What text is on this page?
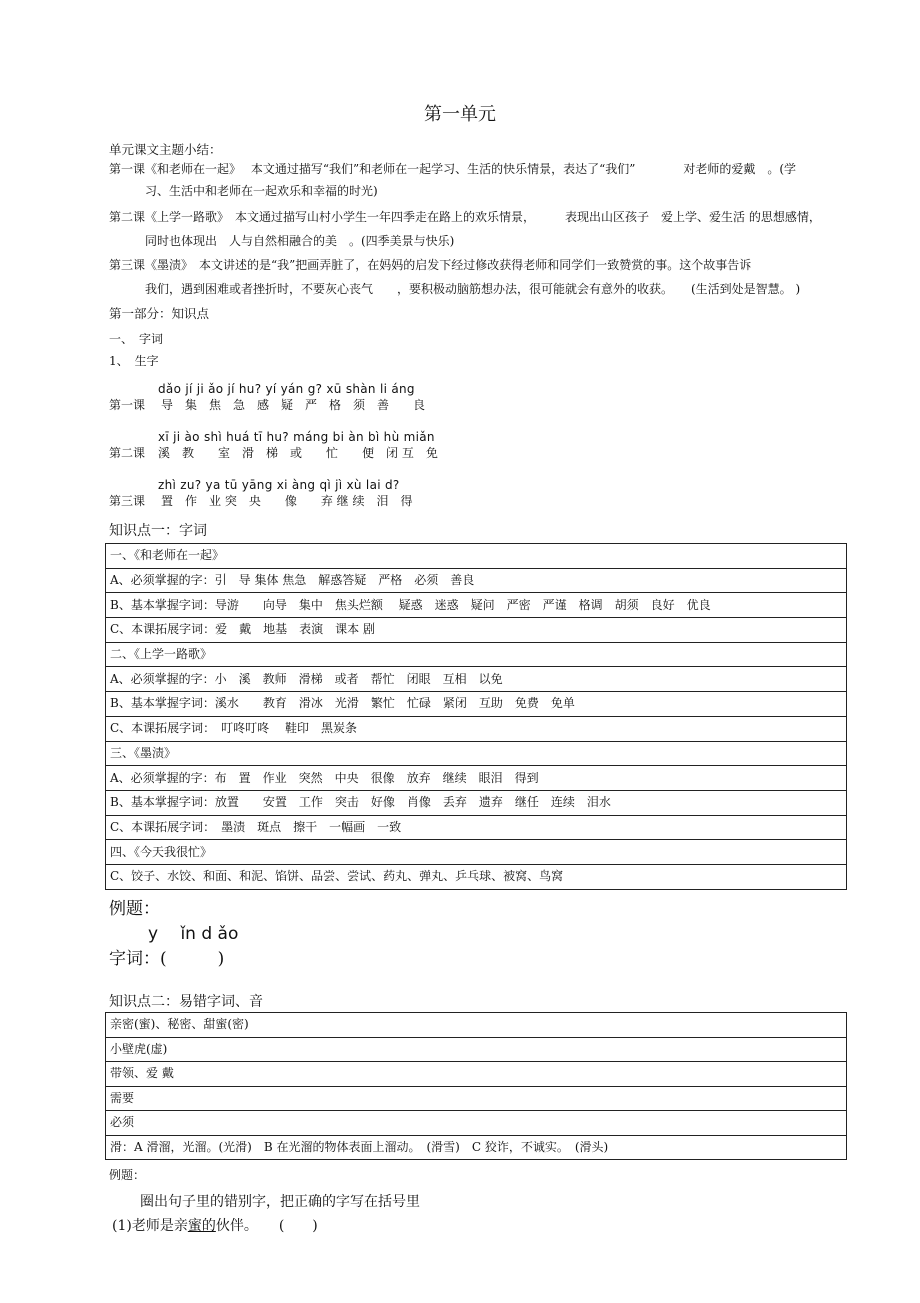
第一单元
单元课文主题小结：
第一课《和老师在一起》　 本文通过描写“我们”和老师在一起学习、生活的快乐情景，表达了“我们”　　　　对老师的爱戴　。(学
习、生活中和老师在一起欢乐和幸福的时光)
第二课《上学一路歌》　本文通过描写山村小学生一年四季走在路上的欢乐情景，　　　表现出山区孩子　爱上学、爱生活 的思想感情，
同时也体现出　人与自然相融合的美　。(四季美景与快乐)
第三课《墨渍》　本文讲述的是“我”把画弄脏了，在妈妈的启发下经过修改获得老师和同学们一致赞赏的事。这个故事告诉
我们，遇到困难或者挫折时，不要灰心丧气　　，要积极动脑筋想办法，很可能就会有意外的收获。　　(生活到处是智慧。 )
第一部分：知识点
一、　字词
1、　生字
dǎo jí ji ǎo jí hu? yí yán g? xū shàn li áng
第一课 导　集　焦　急　感　疑　严　格　须　善　　良
xī ji ào shì huá tī hu? máng bi àn bì hù miǎn
第二课 溪　教　　室　滑　梯　或　　忙　　便　闭 互　免
zhì zu? ya tū yāng xi àng qì jì xù lai d?
第三课 置　作　业 突　央　　像　　弃 继 续　泪　得
知识点一：字词
一、《和老师在一起》
A、必须掌握的字：引　导 集体 焦急　解惑答疑　严格　必须　善良
B、基本掌握字词：导游　　向导　集中　焦头烂额　 疑惑　迷惑　疑问　严密　严谨　格调　胡须　良好　优良
C、本课拓展字词：爱　戴　地基　表演　课本 剧
二、《上学一路歌》
A、必须掌握的字：小　溪　教师　滑梯　或者　帮忙　闭眼　互相　以免
B、基本掌握字词：溪水　　教育　滑冰　光滑　繁忙　忙碌　紧闭　互助　免费　免单
C、本课拓展字词：　叮咚叮咚　 鞋印　黑炭条
三、《墨渍》
A、必须掌握的字：布　置　作业　突然　中央　很像　放弃　继续　眼泪　得到
B、基本掌握字词：放置　　安置　工作　突击　好像　肖像　丢弃　遗弃　继任　连续　泪水
C、本课拓展字词：　墨渍　斑点　擦干　一幅画　一致
四、《今天我很忙》
C、饺子、水饺、和面、和泥、馅饼、品尝、尝试、药丸、弹丸、乒乓球、被窝、鸟窝
例题：
y　 ǐn d ǎo
字词：(　　　)
知识点二：易错字词、音
亲密(蜜)、秘密、甜蜜(密)
小壁虎(虚)
带领、爱 戴
需要
必须
滑：A 滑溜，光溜。(光滑)　B 在光溜的物体表面上溜动。　(滑雪)　C 狡诈，不诚实。　(滑头)
例题：
圈出句子里的错别字，把正确的字写在括号里
(1)老师是亲蜜的伙伴。　　(　　)
